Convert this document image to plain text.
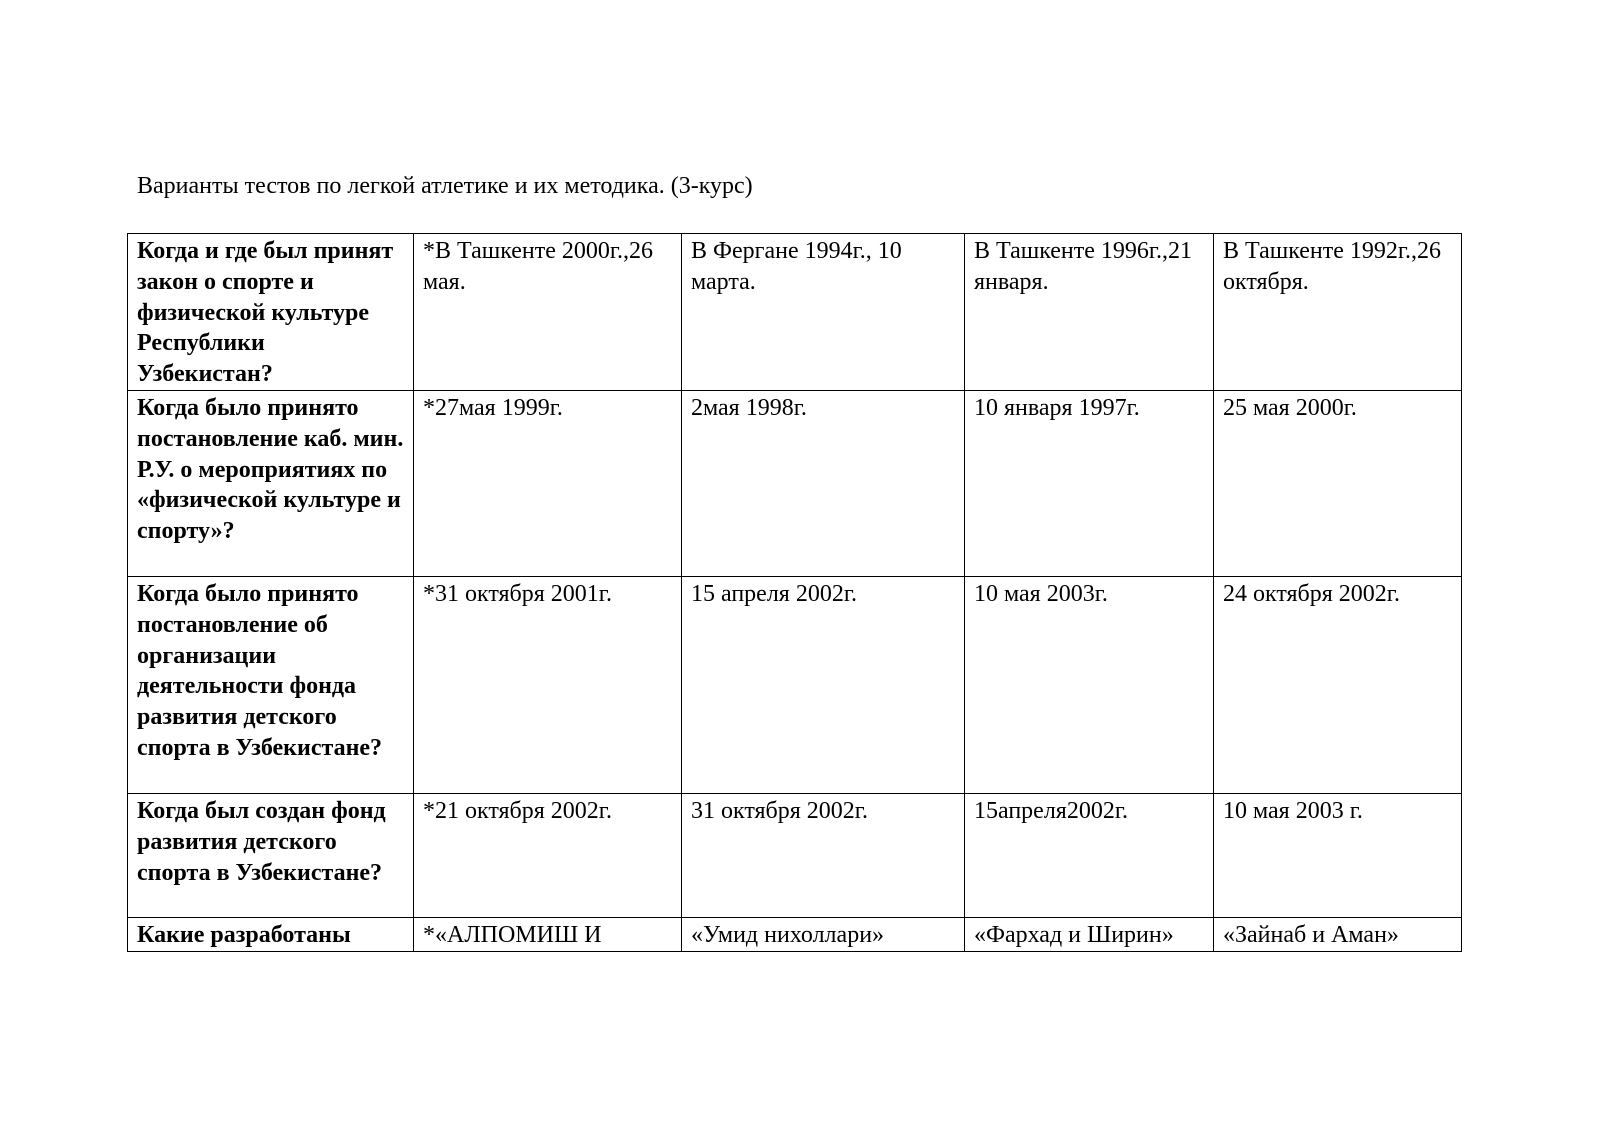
Варианты тестов по легкой атлетике и их методика. (3-курс)
Когда и где был принят закон о спорте и физической культуре Республики Узбекистан?	*В Ташкенте 2000г.,26 мая.	В Фергане 1994г., 10 марта.	В Ташкенте 1996г.,21 января.	В Ташкенте 1992г.,26 октября.
Когда было принято постановление каб. мин. Р.У. о мероприятиях по «физической культуре и спорту»?	*27мая 1999г.	2мая 1998г.	10 января 1997г.	25 мая 2000г.
Когда было принято постановление об организации деятельности фонда развития детского спорта в Узбекистане?	*31 октября 2001г.	15 апреля 2002г.	10 мая 2003г.	24 октября 2002г.
Когда был создан фонд развития детского спорта в Узбекистане?	*21 октября 2002г.	31 октября 2002г.	15апреля2002г.	10 мая 2003 г.
Какие разработаны	*«АЛПОМИШ И	«Умид нихоллари»	«Фархад и Ширин»	«Зайнаб и Аман»
